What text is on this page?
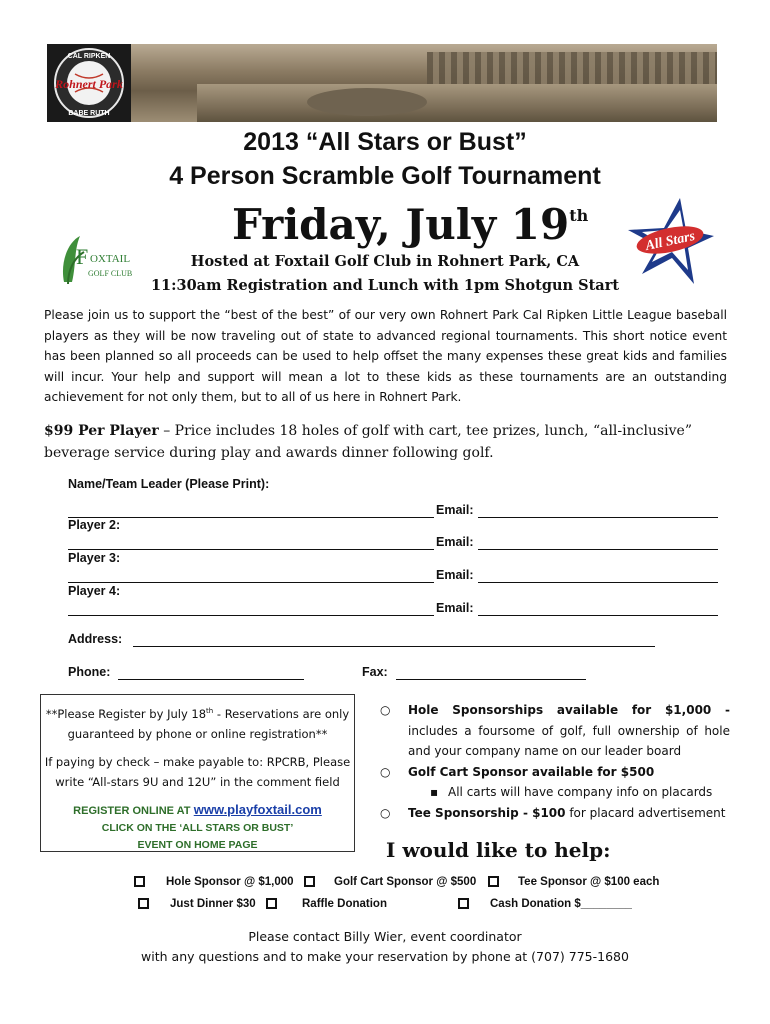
CAL RIPKEN
Rohnert Park
BABE RUTH
2013 “All Stars or Bust”
4 Person Scramble Golf Tournament
Friday, July 19th
Hosted at Foxtail Golf Club in Rohnert Park, CA
11:30am Registration and Lunch with 1pm Shotgun Start
F OXTAIL
GOLF CLUB
All Stars
Please join us to support the “best of the best” of our very own Rohnert Park Cal Ripken Little League baseball players as they will be now traveling out of state to advanced regional tournaments. This short notice event has been planned so all proceeds can be used to help offset the many expenses these great kids and families will incur. Your help and support will mean a lot to these kids as these tournaments are an outstanding achievement for not only them, but to all of us here in Rohnert Park.
$99 Per Player – Price includes 18 holes of golf with cart, tee prizes, lunch, “all-inclusive” beverage service during play and awards dinner following golf.
Name/Team Leader (Please Print):
Email:
Player 2:
Email:
Player 3:
Email:
Player 4:
Email:
Address:
Phone:	Fax:
**Please Register by July 18th - Reservations are only
guaranteed by phone or online registration**
If paying by check – make payable to: RPCRB, Please
write “All-stars 9U and 12U” in the comment field
REGISTER ONLINE AT www.playfoxtail.com
CLICK ON THE ‘ALL STARS OR BUST’
EVENT ON HOME PAGE
○ Hole Sponsorships available for $1,000 - includes a foursome of golf, full ownership of hole and your company name on our leader board
○ Golf Cart Sponsor available for $500
▪ All carts will have company info on placards
○ Tee Sponsorship - $100 for placard advertisement
I would like to help:
Hole Sponsor @ $1,000	Golf Cart Sponsor @ $500	Tee Sponsor @ $100 each
Just Dinner $30	Raffle Donation	Cash Donation $________
Please contact Billy Wier, event coordinator
with any questions and to make your reservation by phone at (707) 775-1680
